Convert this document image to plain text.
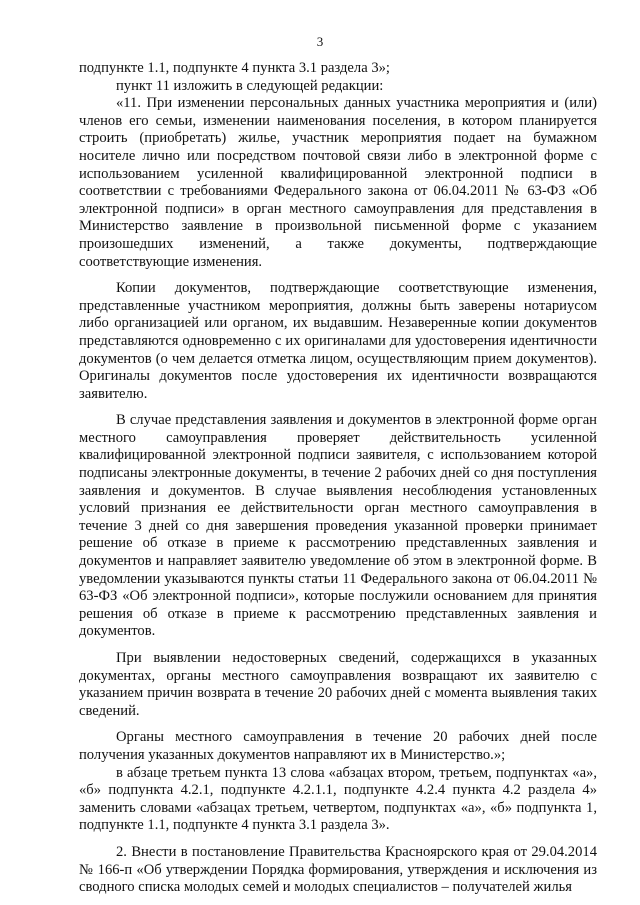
3

подпункте 1.1, подпункте 4 пункта 3.1 раздела 3»;

пункт 11 изложить в следующей редакции:

«11. При изменении персональных данных участника мероприятия и (или) членов его семьи, изменении наименования поселения, в котором планируется строить (приобретать) жилье, участник мероприятия подает на бумажном носителе лично или посредством почтовой связи либо в электронной форме с использованием усиленной квалифицированной электронной подписи в соответствии с требованиями Федерального закона от 06.04.2011 № 63-ФЗ «Об электронной подписи» в орган местного самоуправления для представления в Министерство заявление в произвольной письменной форме с указанием произошедших изменений, а также документы, подтверждающие соответствующие изменения.

Копии документов, подтверждающие соответствующие изменения, представленные участником мероприятия, должны быть заверены нотариусом либо организацией или органом, их выдавшим. Незаверенные копии документов представляются одновременно с их оригиналами для удостоверения идентичности документов (о чем делается отметка лицом, осуществляющим прием документов). Оригиналы документов после удостоверения их идентичности возвращаются заявителю.

В случае представления заявления и документов в электронной форме орган местного самоуправления проверяет действительность усиленной квалифицированной электронной подписи заявителя, с использованием которой подписаны электронные документы, в течение 2 рабочих дней со дня поступления заявления и документов. В случае выявления несоблюдения установленных условий признания ее действительности орган местного самоуправления в течение 3 дней со дня завершения проведения указанной проверки принимает решение об отказе в приеме к рассмотрению представленных заявления и документов и направляет заявителю уведомление об этом в электронной форме. В уведомлении указываются пункты статьи 11 Федерального закона от 06.04.2011 № 63-ФЗ «Об электронной подписи», которые послужили основанием для принятия решения об отказе в приеме к рассмотрению представленных заявления и документов.

При выявлении недостоверных сведений, содержащихся в указанных документах, органы местного самоуправления возвращают их заявителю с указанием причин возврата в течение 20 рабочих дней с момента выявления таких сведений.

Органы местного самоуправления в течение 20 рабочих дней после получения указанных документов направляют их в Министерство.»;

в абзаце третьем пункта 13 слова «абзацах втором, третьем, подпунктах «а», «б» подпункта 4.2.1, подпункте 4.2.1.1, подпункте 4.2.4 пункта 4.2 раздела 4» заменить словами «абзацах третьем, четвертом, подпунктах «а», «б» подпункта 1, подпункте 1.1, подпункте 4 пункта 3.1 раздела 3».

2. Внести в постановление Правительства Красноярского края от 29.04.2014 № 166-п «Об утверждении Порядка формирования, утверждения и исключения из сводного списка молодых семей и молодых специалистов – получателей жилья
